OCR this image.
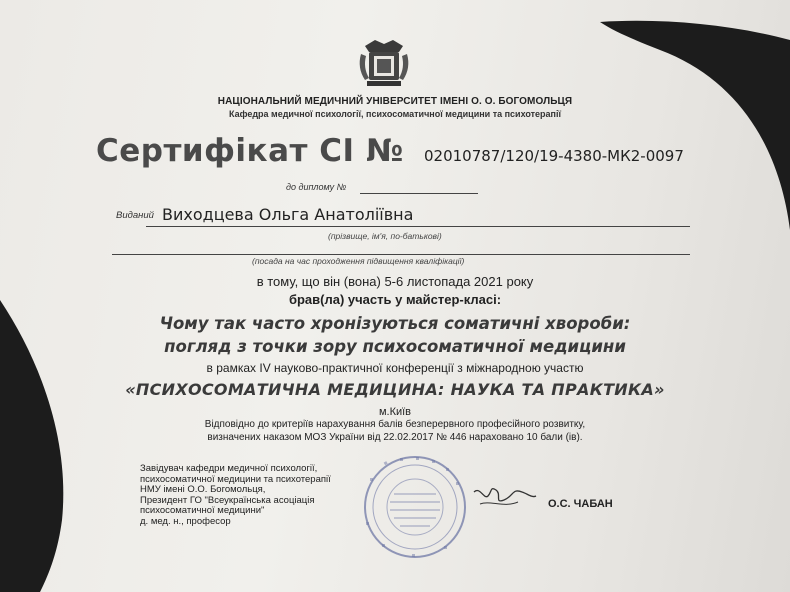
НАЦІОНАЛЬНИЙ МЕДИЧНИЙ УНІВЕРСИТЕТ ІМЕНІ О. О. БОГОМОЛЬЦЯ
Кафедра медичної психології, психосоматичної медицини та психотерапії
Сертифікат СІ № 02010787/120/19-4380-МК2-0097
до диплому №
Виданий Виходцева Ольга Анатоліївна
(прізвище, ім'я, по-батькові)
(посада на час проходження підвищення кваліфікації)
в тому, що він (вона) 5-6 листопада 2021 року
брав(ла) участь у майстер-класі:
Чому так часто хронізуються соматичні хвороби:
погляд з точки зору психосоматичної медицини
в рамках IV науково-практичної конференції з міжнародною участю
«ПСИХОСОМАТИЧНА МЕДИЦИНА: НАУКА ТА ПРАКТИКА»
м.Київ
Відповідно до критеріїв нарахування балів безперервного професійного розвитку,
визначених наказом МОЗ України від 22.02.2017 № 446 нараховано 10 бали (ів).
Завідувач кафедри медичної психології,
психосоматичної медицини та психотерапії
НМУ імені О.О. Богомольця,
Президент ГО "Всеукраїнська асоціація
психосоматичної медицини"
д. мед. н., професор
О.С. ЧАБАН
